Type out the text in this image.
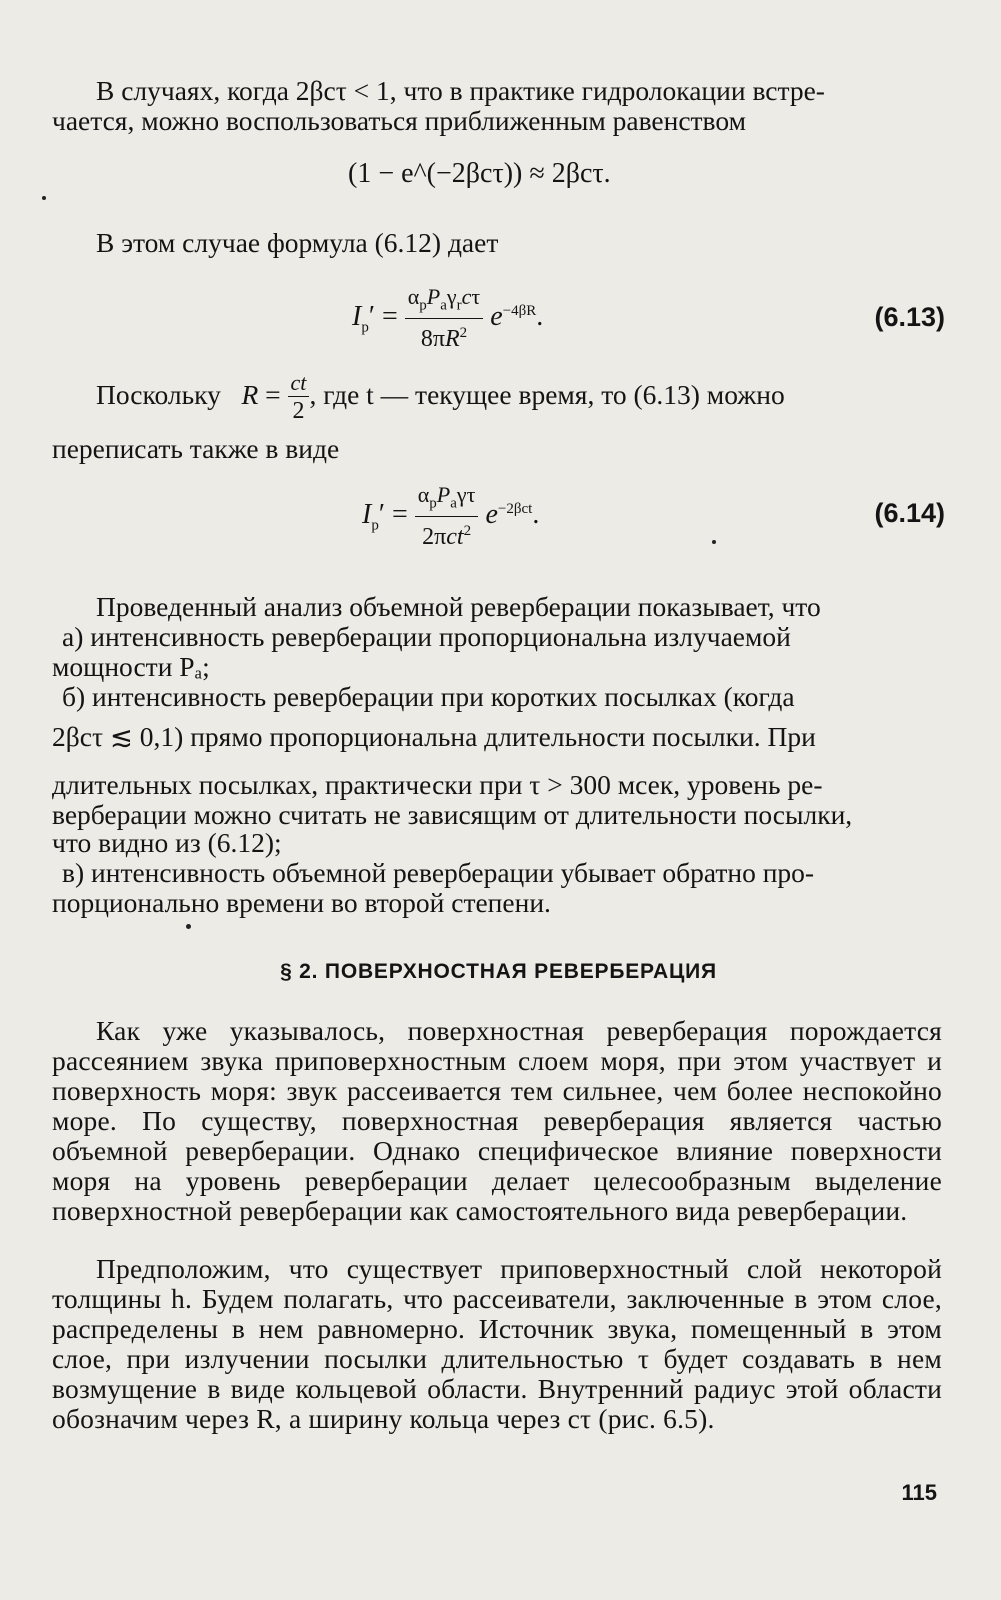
В случаях, когда 2βcτ < 1, что в практике гидролокации встре-
чается, можно воспользоваться приближенным равенством
(1 − e^(−2βcτ)) ≈ 2βcτ.
В этом случае формула (6.12) дает
$I_р' = \frac{\alpha_рP_а\gamma_rc\tau}{8\pi R^2} e^{-4\beta R}$.	(6.13)
Поскольку $R = \frac{ct}{2}$ , где t — текущее время, то (6.13) можно
переписать также в виде
$I_р' = \frac{\alpha_рP_а\gamma\tau}{2\pi ct^2} e^{-2\beta ct}$.	(6.14)
Проведенный анализ объемной реверберации показывает, что
а) интенсивность реверберации пропорциональна излучаемой
мощности Pₐ;
б) интенсивность реверберации при коротких посылках (когда
2βcτ ≲ 0,1) прямо пропорциональна длительности посылки. При
длительных посылках, практически при τ > 300 мсек, уровень ре-
верберации можно считать не зависящим от длительности посылки,
что видно из (6.12);
в) интенсивность объемной реверберации убывает обратно про-
порционально времени во второй степени.
§ 2. ПОВЕРХНОСТНАЯ РЕВЕРБЕРАЦИЯ
Как уже указывалось, поверхностная реверберация порождается рассеянием звука приповерхностным слоем моря, при этом участвует и поверхность моря: звук рассеивается тем сильнее, чем более неспокойно море. По существу, поверхностная реверберация является частью объемной реверберации. Однако специфическое влияние поверхности моря на уровень реверберации делает целесообразным выделение поверхностной реверберации как самостоятельного вида реверберации.
Предположим, что существует приповерхностный слой некоторой толщины h. Будем полагать, что рассеиватели, заключенные в этом слое, распределены в нем равномерно. Источник звука, помещенный в этом слое, при излучении посылки длительностью τ будет создавать в нем возмущение в виде кольцевой области. Внутренний радиус этой области обозначим через R, а ширину кольца через cτ (рис. 6.5).
115
